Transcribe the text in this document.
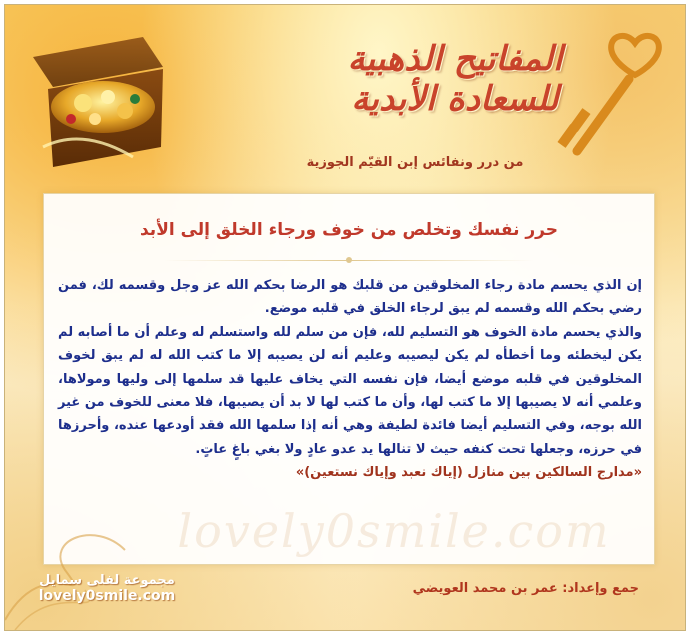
المفاتيح الذهبية
للسعادة الأبدية
من درر ونفائس إبن القيّم الجوزية
lovely0smile.com
حرر نفسك وتخلص من خوف ورجاء الخلق إلى الأبد

إن الذي يحسم مادة رجاء المخلوقين من قلبك هو الرضا بحكم الله عز وجل وقسمه لك، فمن رضي بحكم الله وقسمه لم يبق لرجاء الخلق في قلبه موضع.

والذي يحسم مادة الخوف هو التسليم لله، فإن من سلم لله واستسلم له وعلم أن ما أصابه لم يكن ليخطئه وما أخطأه لم يكن ليصيبه وعليم أنه لن يصيبه إلا ما كتب الله له لم يبق لخوف المخلوقين في قلبه موضع أيضا، فإن نفسه التي يخاف عليها قد سلمها إلى وليها ومولاها، وعلمي أنه لا يصيبها إلا ما كتب لها، وأن ما كتب لها لا بد أن يصيبها، فلا معنى للخوف من غير الله بوجه، وفي التسليم أيضا فائدة لطيفة وهي أنه إذا سلمها الله فقد أودعها عنده، وأحرزها في حرزه، وجعلها تحت كنفه حيث لا تنالها يد عدو عادٍ ولا بغي باغٍ عاتٍ.

«مدارج السالكين بين منازل (إياك نعبد وإياك نستعين)»

مجموعة لفلى سمايل
lovely0smile.com	جمع وإعداد: عمر بن محمد العويضي
